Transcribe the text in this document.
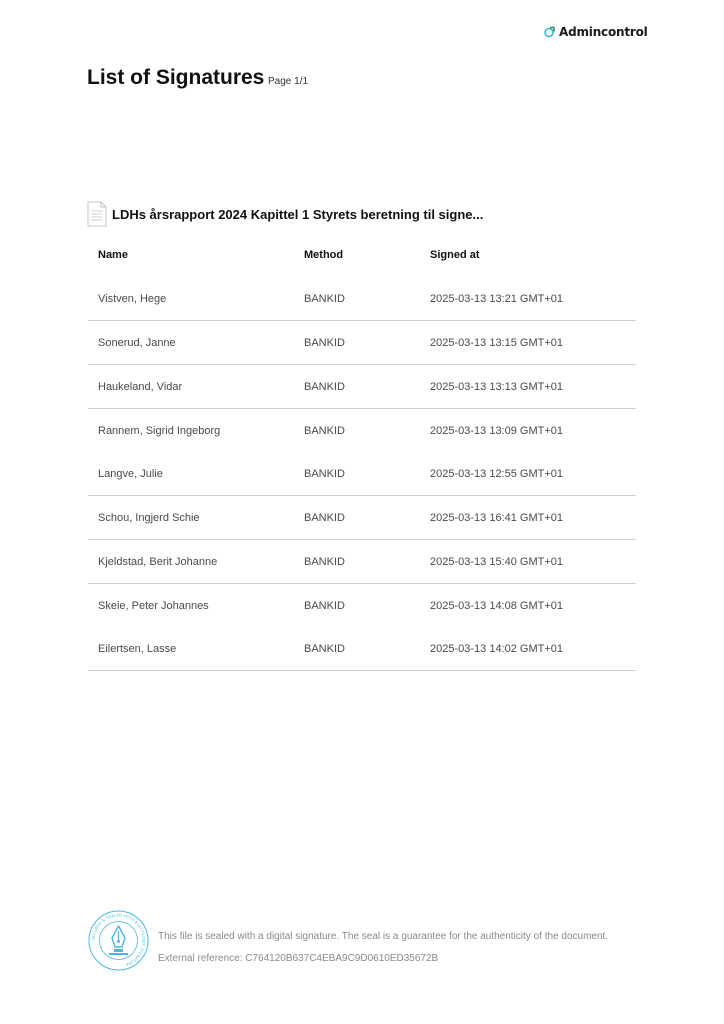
Admincontrol
List of Signatures Page 1/1
LDHs årsrapport 2024 Kapittel 1 Styrets beretning til signe...
Name	Method	Signed at
Vistven, Hege	BANKID	2025-03-13 13:21 GMT+01
Sonerud, Janne	BANKID	2025-03-13 13:15 GMT+01
Haukeland, Vidar	BANKID	2025-03-13 13:13 GMT+01
Rannem, Sigrid Ingeborg	BANKID	2025-03-13 13:09 GMT+01
Langve, Julie	BANKID	2025-03-13 12:55 GMT+01
Schou, Ingjerd Schie	BANKID	2025-03-13 16:41 GMT+01
Kjeldstad, Berit Johanne	BANKID	2025-03-13 15:40 GMT+01
Skeie, Peter Johannes	BANKID	2025-03-13 14:08 GMT+01
Eilertsen, Lasse	BANKID	2025-03-13 14:02 GMT+01
SECURED & SEALED WITH ELECTRONIC SIGNATURE
This file is sealed with a digital signature. The seal is a guarantee for the authenticity of the document.
External reference: C764120B637C4EBA9C9D0610ED35672B
